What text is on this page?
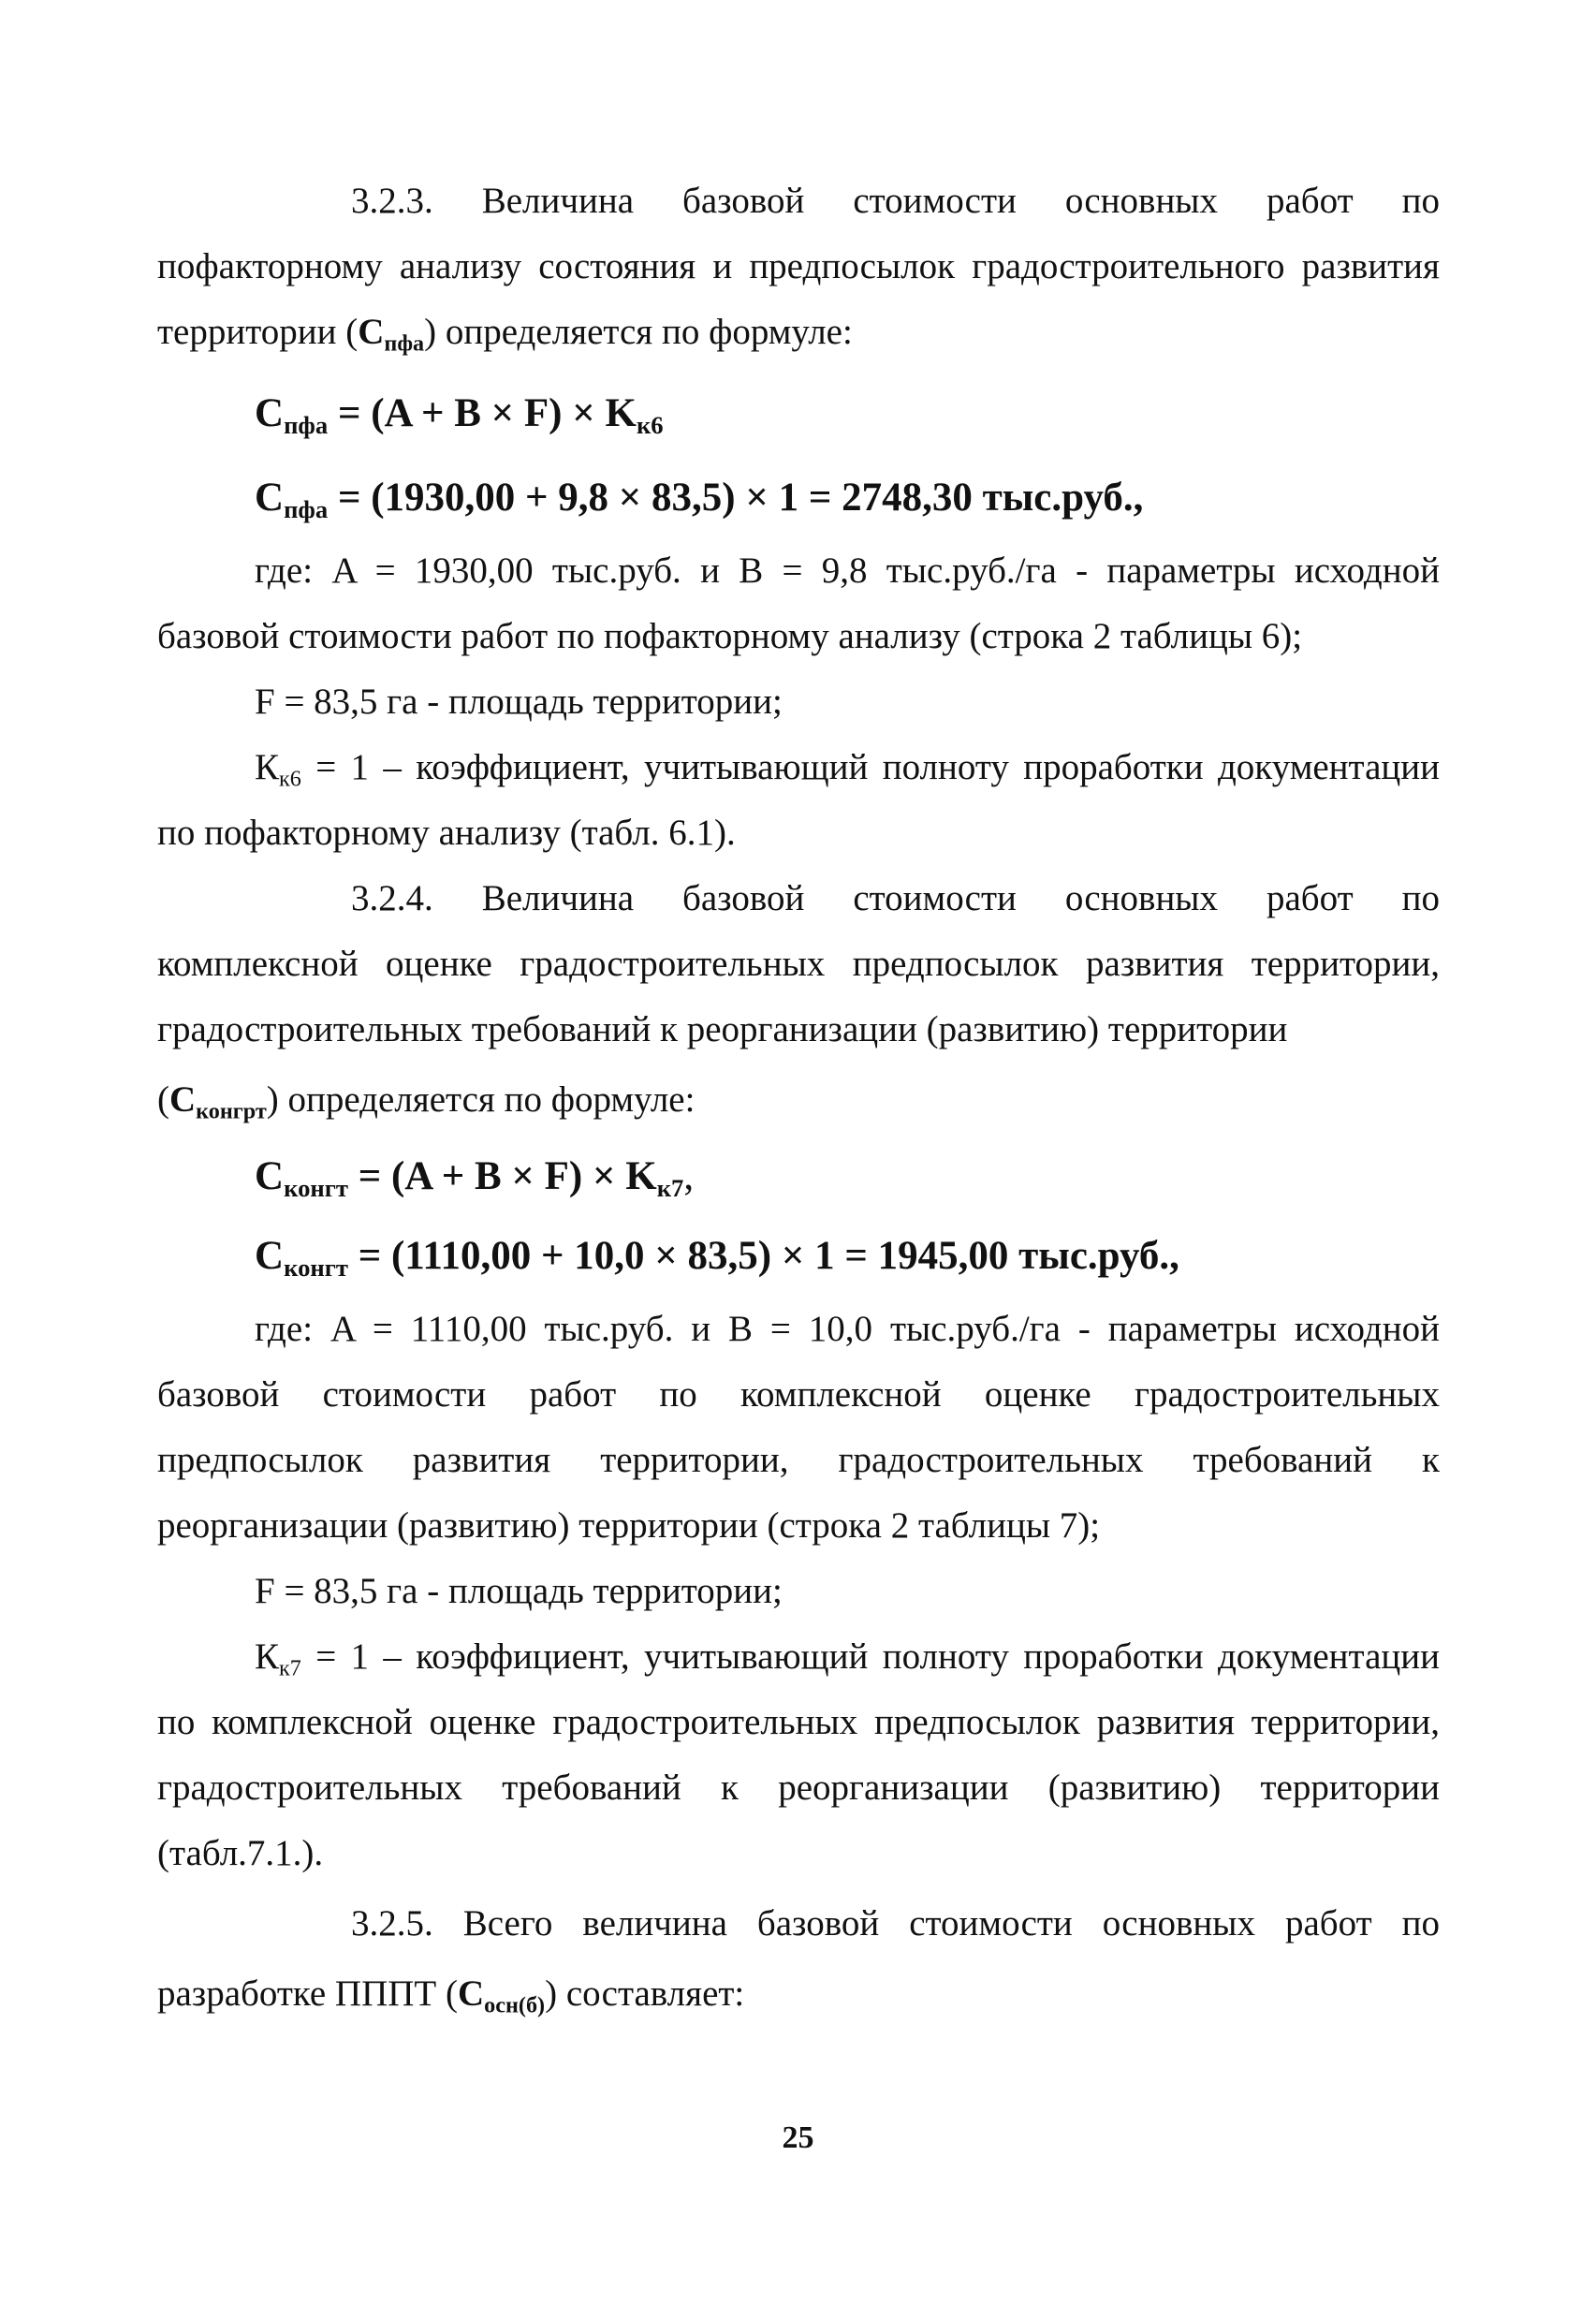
3.2.3. Величина базовой стоимости основных работ по
пофакторному анализу состояния и предпосылок градостроительного развития
территории $(C_{пфа})$ определяется по формуле:
$C_{пфа} = (A + B \times F) \times K_{к6}$
$C_{пфа} = (1930,00 + 9,8 \times 83,5) \times 1 = 2748,30$ тыс.руб.,
где: A = 1930,00 тыс.руб. и B = 9,8 тыс.руб./га - параметры исходной
базовой стоимости работ по пофакторному анализу (строка 2 таблицы 6);
F = 83,5 га - площадь территории;
$К_{к6} = 1$ – коэффициент, учитывающий полноту проработки документации
по пофакторному анализу (табл. 6.1).
3.2.4. Величина базовой стоимости основных работ по
комплексной оценке градостроительных предпосылок развития территории,
градостроительных требований к реорганизации (развитию) территории
$(C_{конгрт})$ определяется по формуле:
$C_{конгт} = (A + B \times F) \times K_{к7}$,
$C_{конгт} = (1110,00 + 10,0 \times 83,5) \times 1 = 1945,00$ тыс.руб.,
где: A = 1110,00 тыс.руб. и B = 10,0 тыс.руб./га - параметры исходной
базовой стоимости работ по комплексной оценке градостроительных
предпосылок развития территории, градостроительных требований к
реорганизации (развитию) территории (строка 2 таблицы 7);
F = 83,5 га - площадь территории;
$К_{к7} = 1$ – коэффициент, учитывающий полноту проработки документации
по комплексной оценке градостроительных предпосылок развития территории,
градостроительных требований к реорганизации (развитию) территории
(табл.7.1.).
3.2.5. Всего величина базовой стоимости основных работ по
разработке ПППТ $(C_{осн(б)})$ составляет:
25
